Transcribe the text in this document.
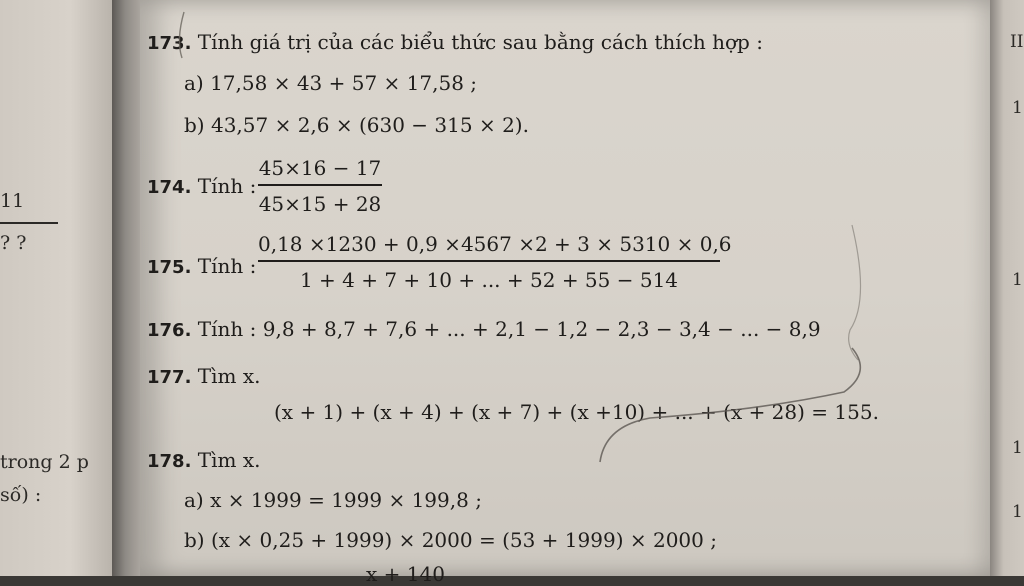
11
? ?
trong 2 p
số) :
II
1
1
1
1
173. Tính giá trị của các biểu thức sau bằng cách thích hợp :
a) 17,58 × 43 + 57 × 17,58 ;
b) 43,57 × 2,6 × (630 − 315 × 2).
174. Tính :
45×16 − 17
45×15 + 28
175. Tính :
0,18 ×1230 + 0,9 ×4567 ×2 + 3 × 5310 × 0,6
1 + 4 + 7 + 10 + ... + 52 + 55 − 514
176. Tính : 9,8 + 8,7 + 7,6 + ... + 2,1 − 1,2 − 2,3 − 3,4 − ... − 8,9
177. Tìm x.
(x + 1) + (x + 4) + (x + 7) + (x +10) + ... + (x + 28) = 155.
178. Tìm x.
a) x × 1999 = 1999 × 199,8 ;
b) (x × 0,25 + 1999) × 2000 = (53 + 1999) × 2000 ;
x + 140
